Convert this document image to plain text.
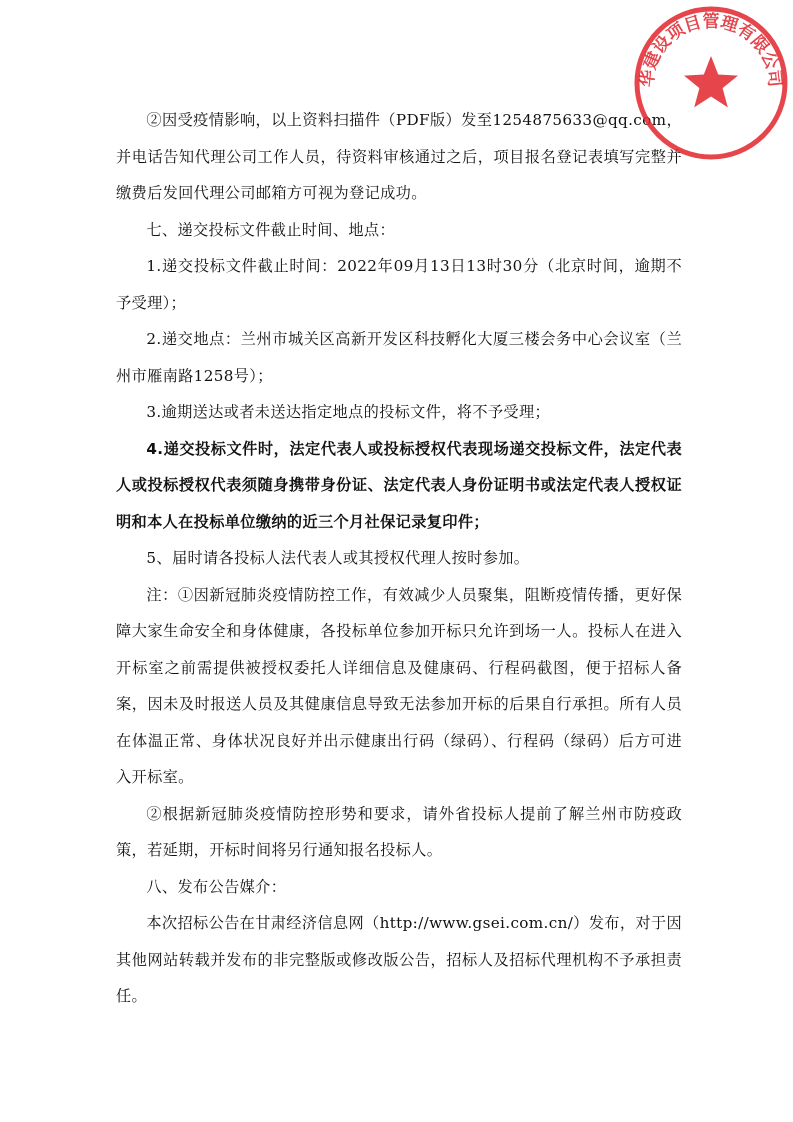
②因受疫情影响，以上资料扫描件（PDF版）发至1254875633@qq.com，并电话告知代理公司工作人员，待资料审核通过之后，项目报名登记表填写完整并缴费后发回代理公司邮箱方可视为登记成功。

七、递交投标文件截止时间、地点：

1.递交投标文件截止时间：2022年09月13日13时30分（北京时间，逾期不予受理）；

2.递交地点：兰州市城关区高新开发区科技孵化大厦三楼会务中心会议室（兰州市雁南路1258号）；

3.逾期送达或者未送达指定地点的投标文件，将不予受理；

4.递交投标文件时，法定代表人或投标授权代表现场递交投标文件，法定代表人或投标授权代表须随身携带身份证、法定代表人身份证明书或法定代表人授权证明和本人在投标单位缴纳的近三个月社保记录复印件；

5、届时请各投标人法代表人或其授权代理人按时参加。

注：①因新冠肺炎疫情防控工作，有效减少人员聚集，阻断疫情传播，更好保障大家生命安全和身体健康，各投标单位参加开标只允许到场一人。投标人在进入开标室之前需提供被授权委托人详细信息及健康码、行程码截图，便于招标人备案，因未及时报送人员及其健康信息导致无法参加开标的后果自行承担。所有人员在体温正常、身体状况良好并出示健康出行码（绿码）、行程码（绿码）后方可进入开标室。

②根据新冠肺炎疫情防控形势和要求，请外省投标人提前了解兰州市防疫政策，若延期，开标时间将另行通知报名投标人。

八、发布公告媒介：

本次招标公告在甘肃经济信息网（http://www.gsei.com.cn/）发布，对于因其他网站转载并发布的非完整版或修改版公告，招标人及招标代理机构不予承担责任。

华建设项目管理有限公司
